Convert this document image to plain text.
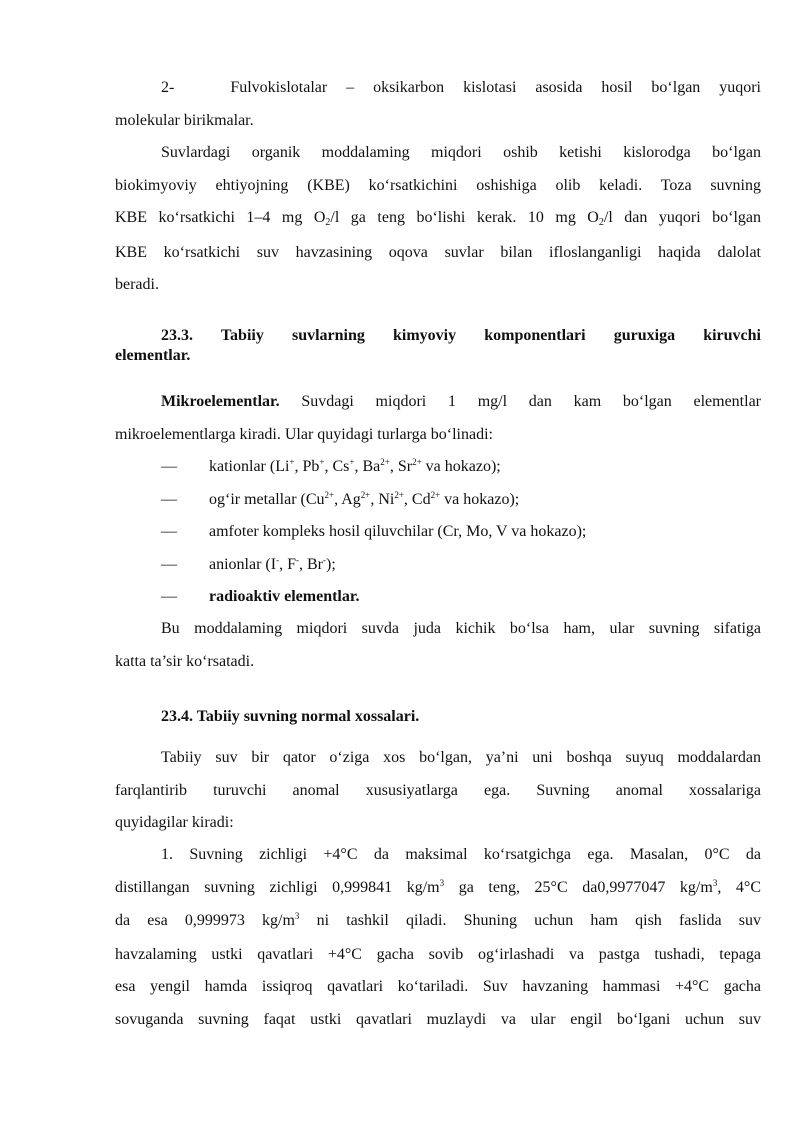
2-	Fulvokislotalar – oksikarbon kislotasi asosida hosil bo‘lgan yuqori
molekular birikmalar.
Suvlardagi organik moddalaming miqdori oshib ketishi kislorodga bo‘lgan
biokimyoviy ehtiyojning (KBE) ko‘rsatkichini oshishiga olib keladi. Toza suvning
KBE ko‘rsatkichi 1–4 mg $O_2/l$ ga teng bo‘lishi kerak. 10 mg $O_2/l$ dan yuqori bo‘lgan
KBE ko‘rsatkichi suv havzasining oqova suvlar bilan ifloslanganligi haqida dalolat
beradi.
23.3. Tabiiy suvlarning kimyoviy komponentlari guruxiga kiruvchi
elementlar.
Mikroelementlar. Suvdagi miqdori 1 mg/l dan kam bo‘lgan elementlar
mikroelementlarga kiradi. Ular quyidagi turlarga bo‘linadi:
— kationlar (Li+, Pb+, Cs+, $Ba^{2+}$, $Sr^{2+}$ va hokazo);
— og‘ir metallar ($Cu^{2+}$, $Ag^{2+}$, $Ni^{2+}$, $Cd^{2+}$ va hokazo);
— amfoter kompleks hosil qiluvchilar (Cr, Mo, V va hokazo);
— anionlar (I-, F-, Br-);
— radioaktiv elementlar.
Bu moddalaming miqdori suvda juda kichik bo‘lsa ham, ular suvning sifatiga
katta ta’sir ko‘rsatadi.
23.4. Tabiiy suvning normal xossalari.
Tabiiy suv bir qator o‘ziga xos bo‘lgan, ya’ni uni boshqa suyuq moddalardan
farqlantirib turuvchi anomal xususiyatlarga ega. Suvning anomal xossalariga
quyidagilar kiradi:
1. Suvning zichligi +4°C da maksimal ko‘rsatgichga ega. Masalan, 0°C da
distillangan suvning zichligi 0,999841 $kg/m^3$ ga teng, 25°C da0,9977047 $kg/m^3$, 4°C
da esa 0,999973 $kg/m^3$ ni tashkil qiladi. Shuning uchun ham qish faslida suv
havzalaming ustki qavatlari +4°C gacha sovib og‘irlashadi va pastga tushadi, tepaga
esa yengil hamda issiqroq qavatlari ko‘tariladi. Suv havzaning hammasi +4°C gacha
sovuganda suvning faqat ustki qavatlari muzlaydi va ular engil bo‘lgani uchun suv
